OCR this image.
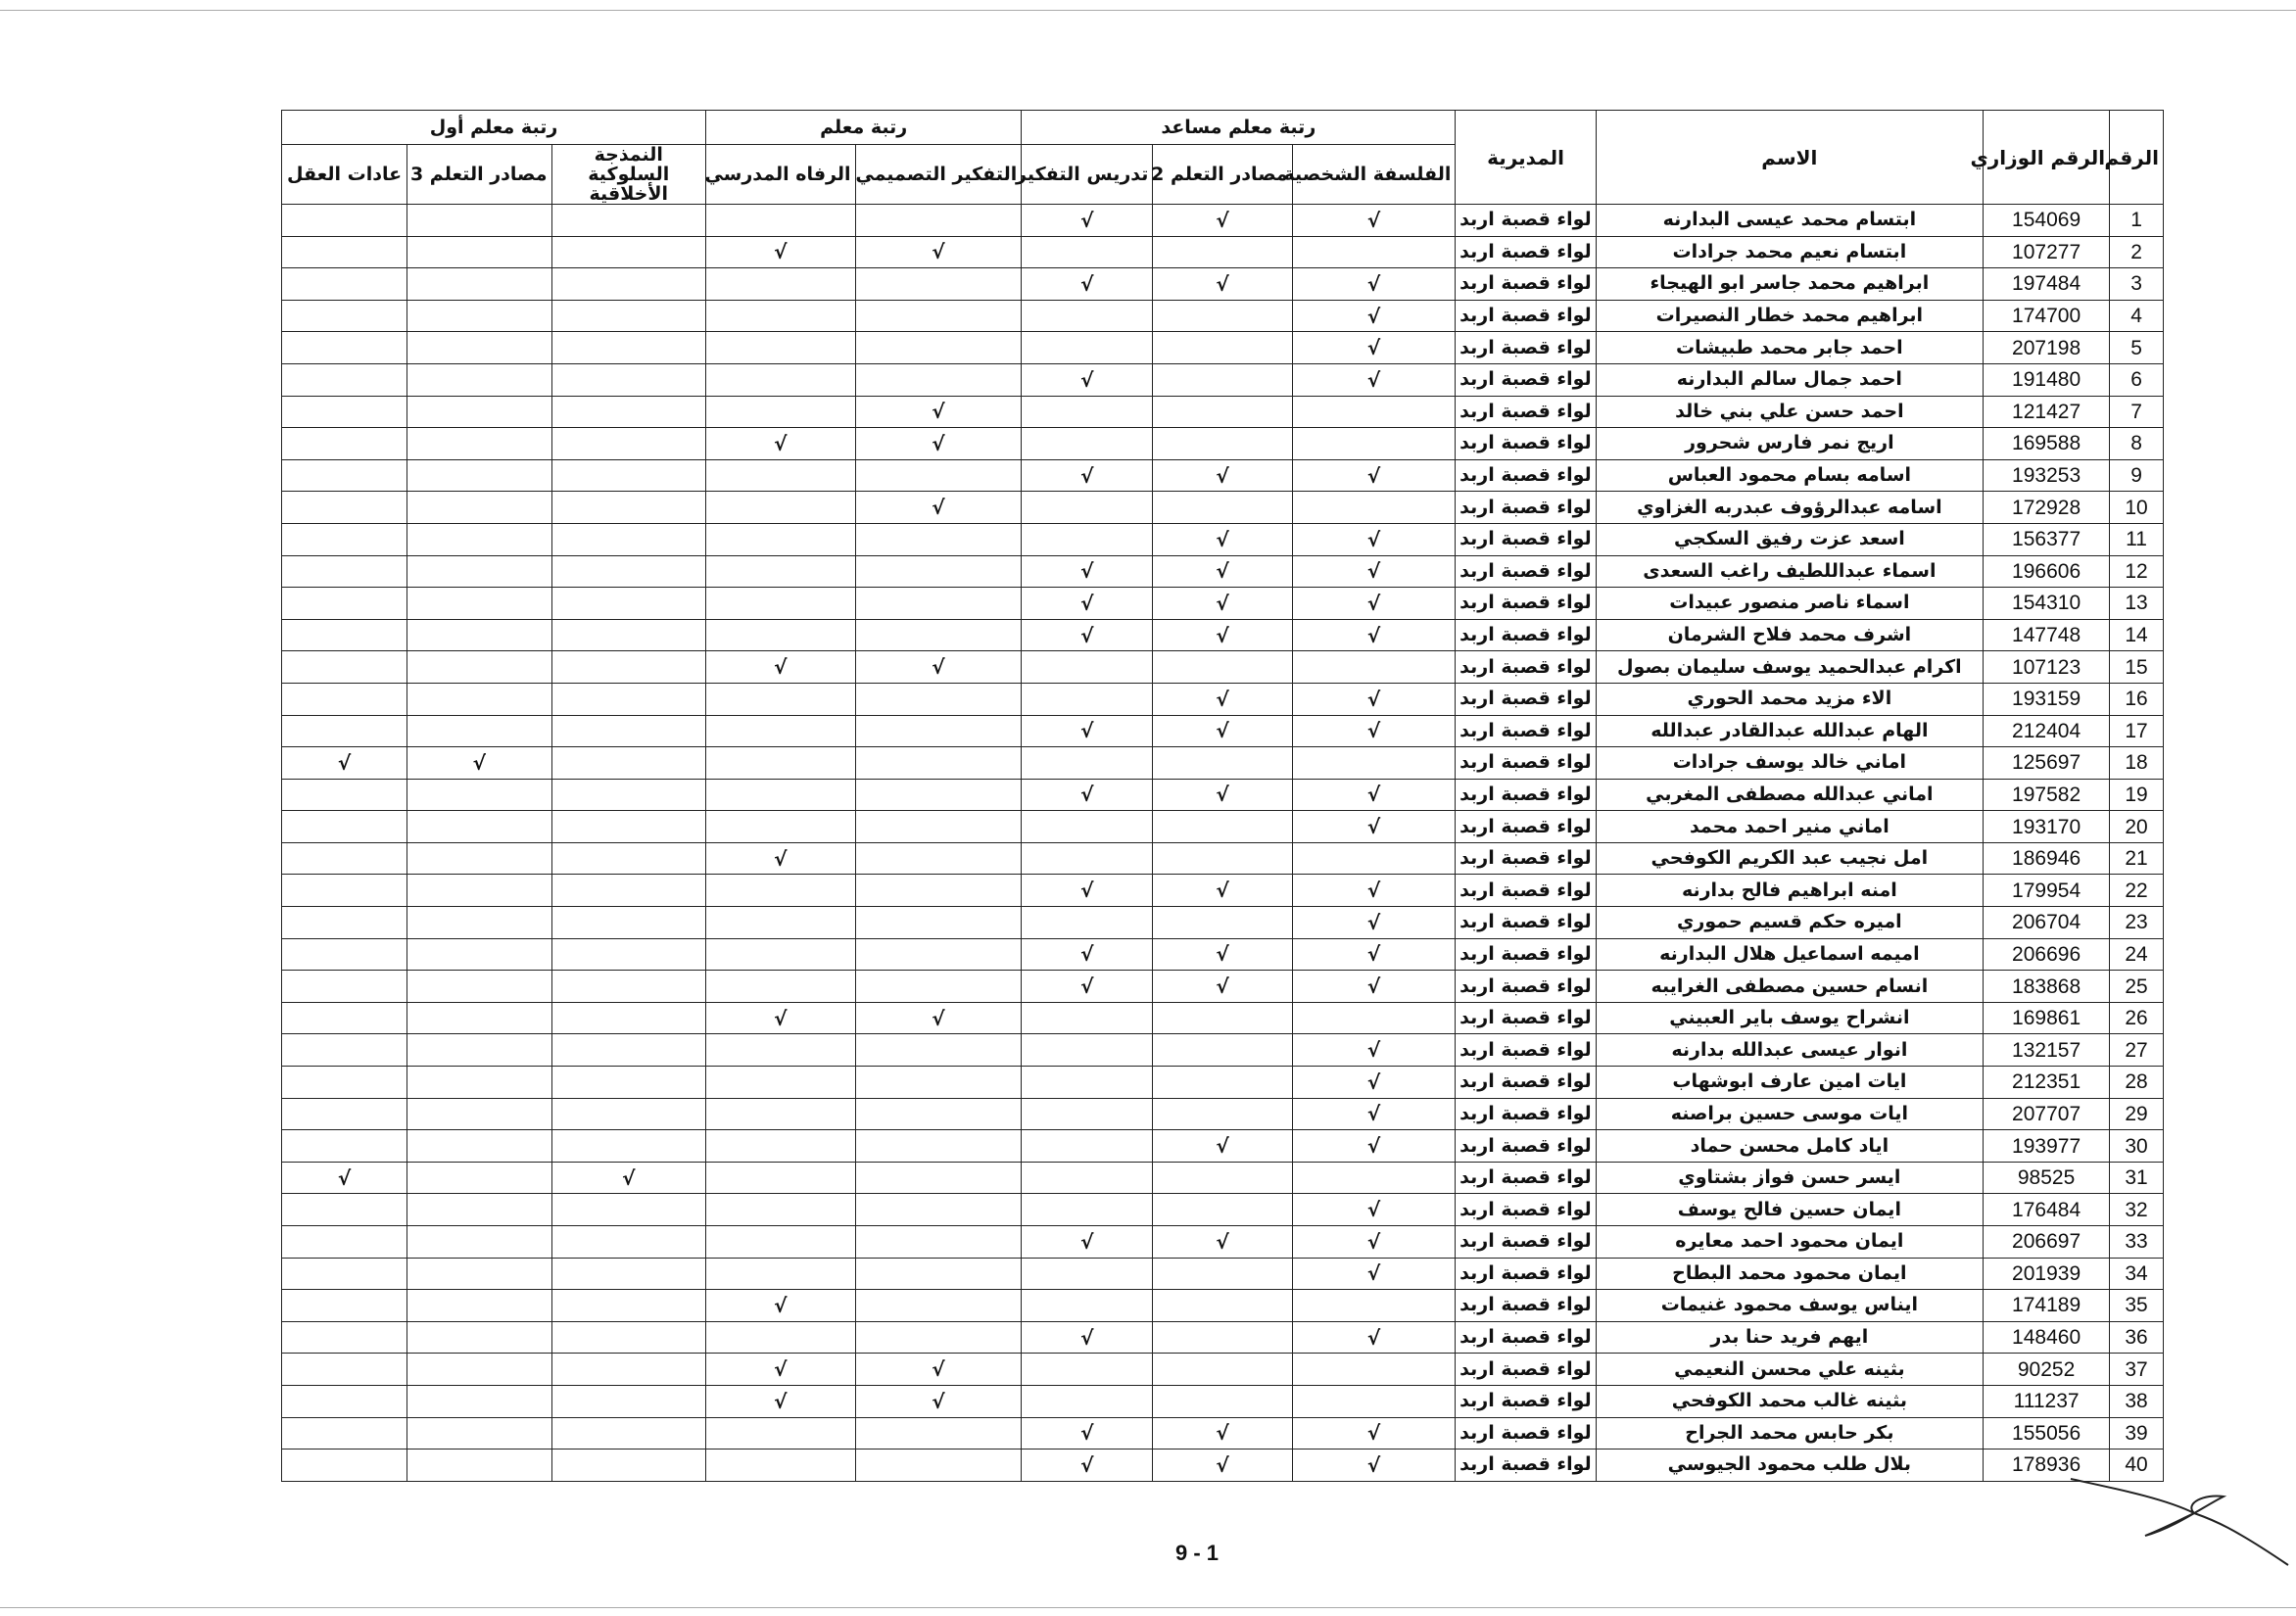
الرقم	الرقم الوزاري	الاسم	المديرية	رتبة معلم مساعد			رتبة معلم		رتبة معلم أول		
				الفلسفة الشخصية	مصادر التعلم 2	تدريس التفكير	التفكير التصميمي	الرفاه المدرسي	النمذجة السلوكية الأخلاقية	مصادر التعلم 3	عادات العقل
1	154069	ابتسام محمد عيسى البدارنه	لواء قصبة اربد	√	√	√					
2	107277	ابتسام نعيم محمد جرادات	لواء قصبة اربد				√	√			
3	197484	ابراهيم محمد جاسر ابو الهيجاء	لواء قصبة اربد	√	√	√					
4	174700	ابراهيم محمد خطار النصيرات	لواء قصبة اربد	√							
5	207198	احمد جابر محمد طبيشات	لواء قصبة اربد	√							
6	191480	احمد جمال سالم البدارنه	لواء قصبة اربد	√		√					
7	121427	احمد حسن علي بني خالد	لواء قصبة اربد				√				
8	169588	اريج نمر فارس شحرور	لواء قصبة اربد				√	√			
9	193253	اسامه بسام محمود العباس	لواء قصبة اربد	√	√	√					
10	172928	اسامه عبدالرؤوف عبدربه الغزاوي	لواء قصبة اربد				√				
11	156377	اسعد عزت رفيق السكجي	لواء قصبة اربد	√	√						
12	196606	اسماء عبداللطيف راغب السعدى	لواء قصبة اربد	√	√	√					
13	154310	اسماء ناصر منصور عبيدات	لواء قصبة اربد	√	√	√					
14	147748	اشرف محمد فلاح الشرمان	لواء قصبة اربد	√	√	√					
15	107123	اكرام عبدالحميد يوسف سليمان بصول	لواء قصبة اربد				√	√			
16	193159	الاء مزيد محمد الحوري	لواء قصبة اربد	√	√						
17	212404	الهام عبدالله عبدالقادر عبدالله	لواء قصبة اربد	√	√	√					
18	125697	اماني خالد يوسف جرادات	لواء قصبة اربد							√	√
19	197582	اماني عبدالله مصطفى المغربي	لواء قصبة اربد	√	√	√					
20	193170	اماني منير احمد محمد	لواء قصبة اربد	√							
21	186946	امل نجيب عبد الكريم الكوفحي	لواء قصبة اربد					√			
22	179954	امنه ابراهيم فالح بدارنه	لواء قصبة اربد	√	√	√					
23	206704	اميره حكم قسيم حموري	لواء قصبة اربد	√							
24	206696	اميمه اسماعيل هلال البدارنه	لواء قصبة اربد	√	√	√					
25	183868	انسام حسين مصطفى الغرايبه	لواء قصبة اربد	√	√	√					
26	169861	انشراح يوسف باير العبيني	لواء قصبة اربد				√	√			
27	132157	انوار عيسى عبدالله بدارنه	لواء قصبة اربد	√							
28	212351	ايات امين عارف ابوشهاب	لواء قصبة اربد	√							
29	207707	ايات موسى حسين براصنه	لواء قصبة اربد	√							
30	193977	اياد كامل محسن حماد	لواء قصبة اربد	√	√						
31	98525	ايسر حسن فواز بشتاوي	لواء قصبة اربد						√		√
32	176484	ايمان حسين فالح يوسف	لواء قصبة اربد	√							
33	206697	ايمان محمود احمد معايره	لواء قصبة اربد	√	√	√					
34	201939	ايمان محمود محمد البطاح	لواء قصبة اربد	√							
35	174189	ايناس يوسف محمود غنيمات	لواء قصبة اربد					√			
36	148460	ايهم فريد حنا بدر	لواء قصبة اربد	√		√					
37	90252	بثينه علي محسن النعيمي	لواء قصبة اربد				√	√			
38	111237	بثينه غالب محمد الكوفحي	لواء قصبة اربد				√	√			
39	155056	بكر حابس محمد الجراح	لواء قصبة اربد	√	√	√					
40	178936	بلال طلب محمود الجيوسي	لواء قصبة اربد	√	√	√					
9 - 1
